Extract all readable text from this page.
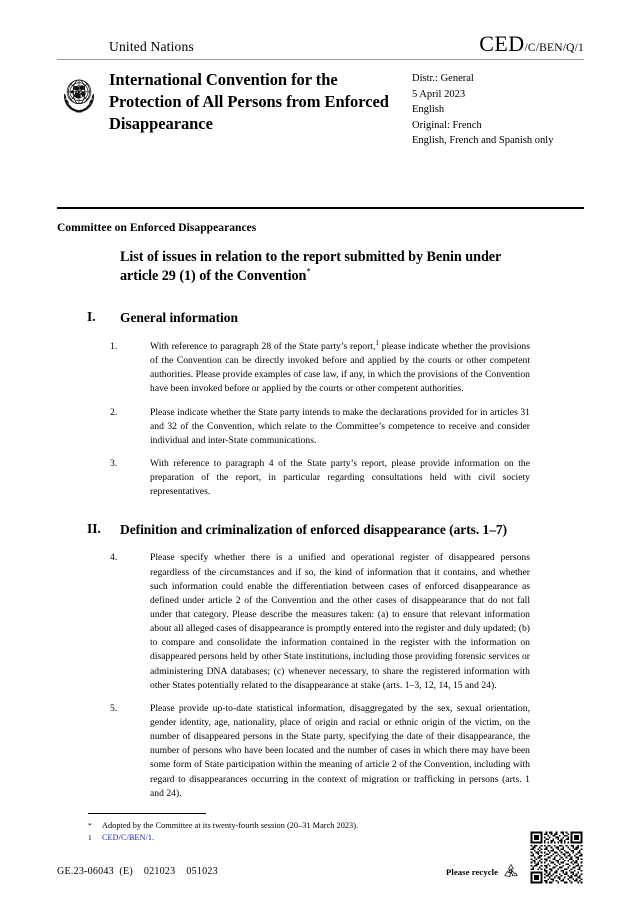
United Nations	CED/C/BEN/Q/1
International Convention for the Protection of All Persons from Enforced Disappearance
Distr.: General
5 April 2023
English
Original: French
English, French and Spanish only
Committee on Enforced Disappearances
List of issues in relation to the report submitted by Benin under article 29 (1) of the Convention*
I.	General information
1.	With reference to paragraph 28 of the State party’s report,$^1$ please indicate whether the provisions of the Convention can be directly invoked before and applied by the courts or other competent authorities. Please provide examples of case law, if any, in which the provisions of the Convention have been invoked before or applied by the courts or other competent authorities.
2.	Please indicate whether the State party intends to make the declarations provided for in articles 31 and 32 of the Convention, which relate to the Committee’s competence to receive and consider individual and inter-State communications.
3.	With reference to paragraph 4 of the State party’s report, please provide information on the preparation of the report, in particular regarding consultations held with civil society representatives.
II.	Definition and criminalization of enforced disappearance (arts. 1–7)
4.	Please specify whether there is a unified and operational register of disappeared persons regardless of the circumstances and if so, the kind of information that it contains, and whether such information could enable the differentiation between cases of enforced disappearance as defined under article 2 of the Convention and the other cases of disappearance that do not fall under that category. Please describe the measures taken: (a) to ensure that relevant information about all alleged cases of disappearance is promptly entered into the register and duly updated; (b) to compare and consolidate the information contained in the register with the information on disappeared persons held by other State institutions, including those providing forensic services or administering DNA databases; (c) whenever necessary, to share the registered information with other States potentially related to the disappearance at stake (arts. 1–3, 12, 14, 15 and 24).
5.	Please provide up-to-date statistical information, disaggregated by the sex, sexual orientation, gender identity, age, nationality, place of origin and racial or ethnic origin of the victim, on the number of disappeared persons in the State party, specifying the date of their disappearance, the number of persons who have been located and the number of cases in which there may have been some form of State participation within the meaning of article 2 of the Convention, including with regard to disappearances occurring in the context of migration or trafficking in persons (arts. 1 and 24).
* Adopted by the Committee at its twenty-fourth session (20–31 March 2023).
1 CED/C/BEN/1.
GE.23-06043  (E)    021023    051023	Please recycle
